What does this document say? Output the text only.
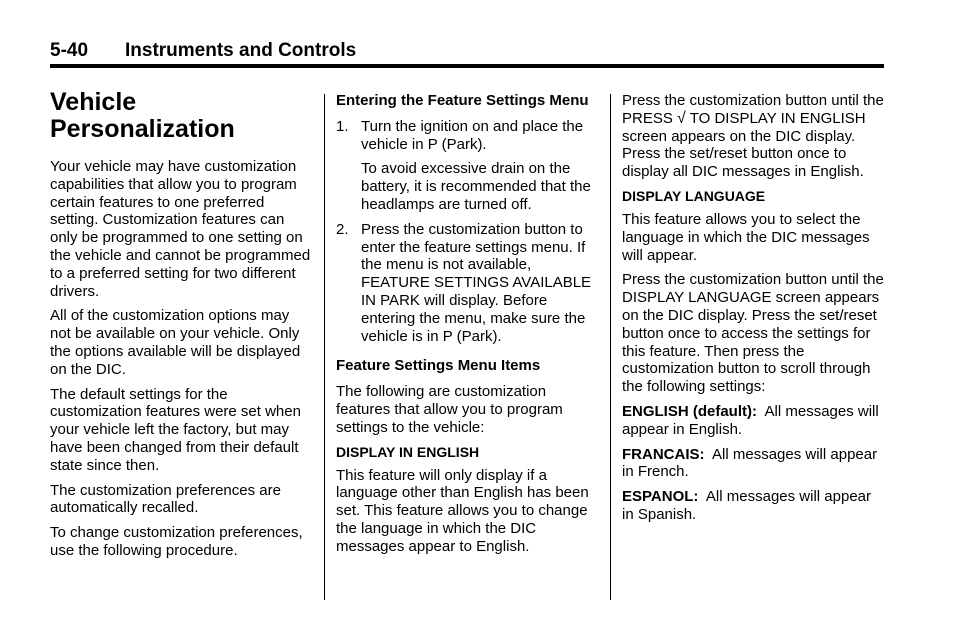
5-40 Instruments and Controls
Vehicle Personalization

Your vehicle may have customization capabilities that allow you to program certain features to one preferred setting. Customization features can only be programmed to one setting on the vehicle and cannot be programmed to a preferred setting for two different drivers.

All of the customization options may not be available on your vehicle. Only the options available will be displayed on the DIC.

The default settings for the customization features were set when your vehicle left the factory, but may have been changed from their default state since then.

The customization preferences are automatically recalled.

To change customization preferences, use the following procedure.

Entering the Feature Settings Menu
1. Turn the ignition on and place the vehicle in P (Park).

To avoid excessive drain on the battery, it is recommended that the headlamps are turned off.

2. Press the customization button to enter the feature settings menu. If the menu is not available, FEATURE SETTINGS AVAILABLE IN PARK will display. Before entering the menu, make sure the vehicle is in P (Park).
Feature Settings Menu Items

The following are customization features that allow you to program settings to the vehicle:

DISPLAY IN ENGLISH

This feature will only display if a language other than English has been set. This feature allows you to change the language in which the DIC messages appear to English.

Press the customization button until the PRESS √ TO DISPLAY IN ENGLISH screen appears on the DIC display. Press the set/reset button once to display all DIC messages in English.

DISPLAY LANGUAGE

This feature allows you to select the language in which the DIC messages will appear.

Press the customization button until the DISPLAY LANGUAGE screen appears on the DIC display. Press the set/reset button once to access the settings for this feature. Then press the customization button to scroll through the following settings:

ENGLISH (default): All messages will appear in English.

FRANCAIS: All messages will appear in French.

ESPANOL: All messages will appear in Spanish.
